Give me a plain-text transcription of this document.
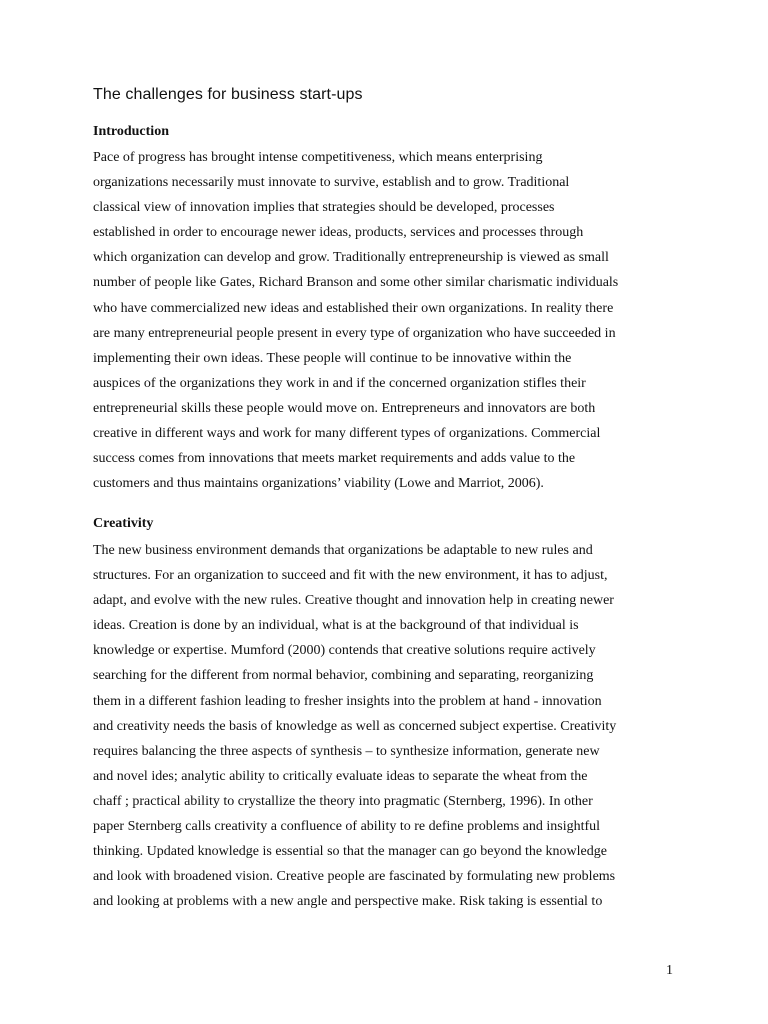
The challenges for business start-ups
Introduction
Pace of progress has brought intense competitiveness, which means enterprising
organizations necessarily must innovate to survive, establish and to grow. Traditional
classical view of innovation implies that strategies should be developed, processes
established in order to encourage newer ideas, products, services and processes through
which organization can develop and grow. Traditionally entrepreneurship is viewed as small
number of people like Gates, Richard Branson and some other similar charismatic individuals
who have commercialized new ideas and established their own organizations. In reality there
are many entrepreneurial people present in every type of organization who have succeeded in
implementing their own ideas. These people will continue to be innovative within the
auspices of the organizations they work in and if the concerned organization stifles their
entrepreneurial skills these people would move on. Entrepreneurs and innovators are both
creative in different ways and work for many different types of organizations. Commercial
success comes from innovations that meets market requirements and adds value to the
customers and thus maintains organizations’ viability (Lowe and Marriot, 2006).
Creativity
The new business environment demands that organizations be adaptable to new rules and
structures. For an organization to succeed and fit with the new environment, it has to adjust,
adapt, and evolve with the new rules. Creative thought and innovation help in creating newer
ideas. Creation is done by an individual, what is at the background of that individual is
knowledge or expertise. Mumford (2000) contends that creative solutions require actively
searching for the different from normal behavior, combining and separating, reorganizing
them in a different fashion leading to fresher insights into the problem at hand - innovation
and creativity needs the basis of knowledge as well as concerned subject expertise. Creativity
requires balancing the three aspects of synthesis – to synthesize information, generate new
and novel ides; analytic ability to critically evaluate ideas to separate the wheat from the
chaff ; practical ability to crystallize the theory into pragmatic (Sternberg, 1996). In other
paper Sternberg calls creativity a confluence of ability to re define problems and insightful
thinking. Updated knowledge is essential so that the manager can go beyond the knowledge
and look with broadened vision. Creative people are fascinated by formulating new problems
and looking at problems with a new angle and perspective make. Risk taking is essential to
1
